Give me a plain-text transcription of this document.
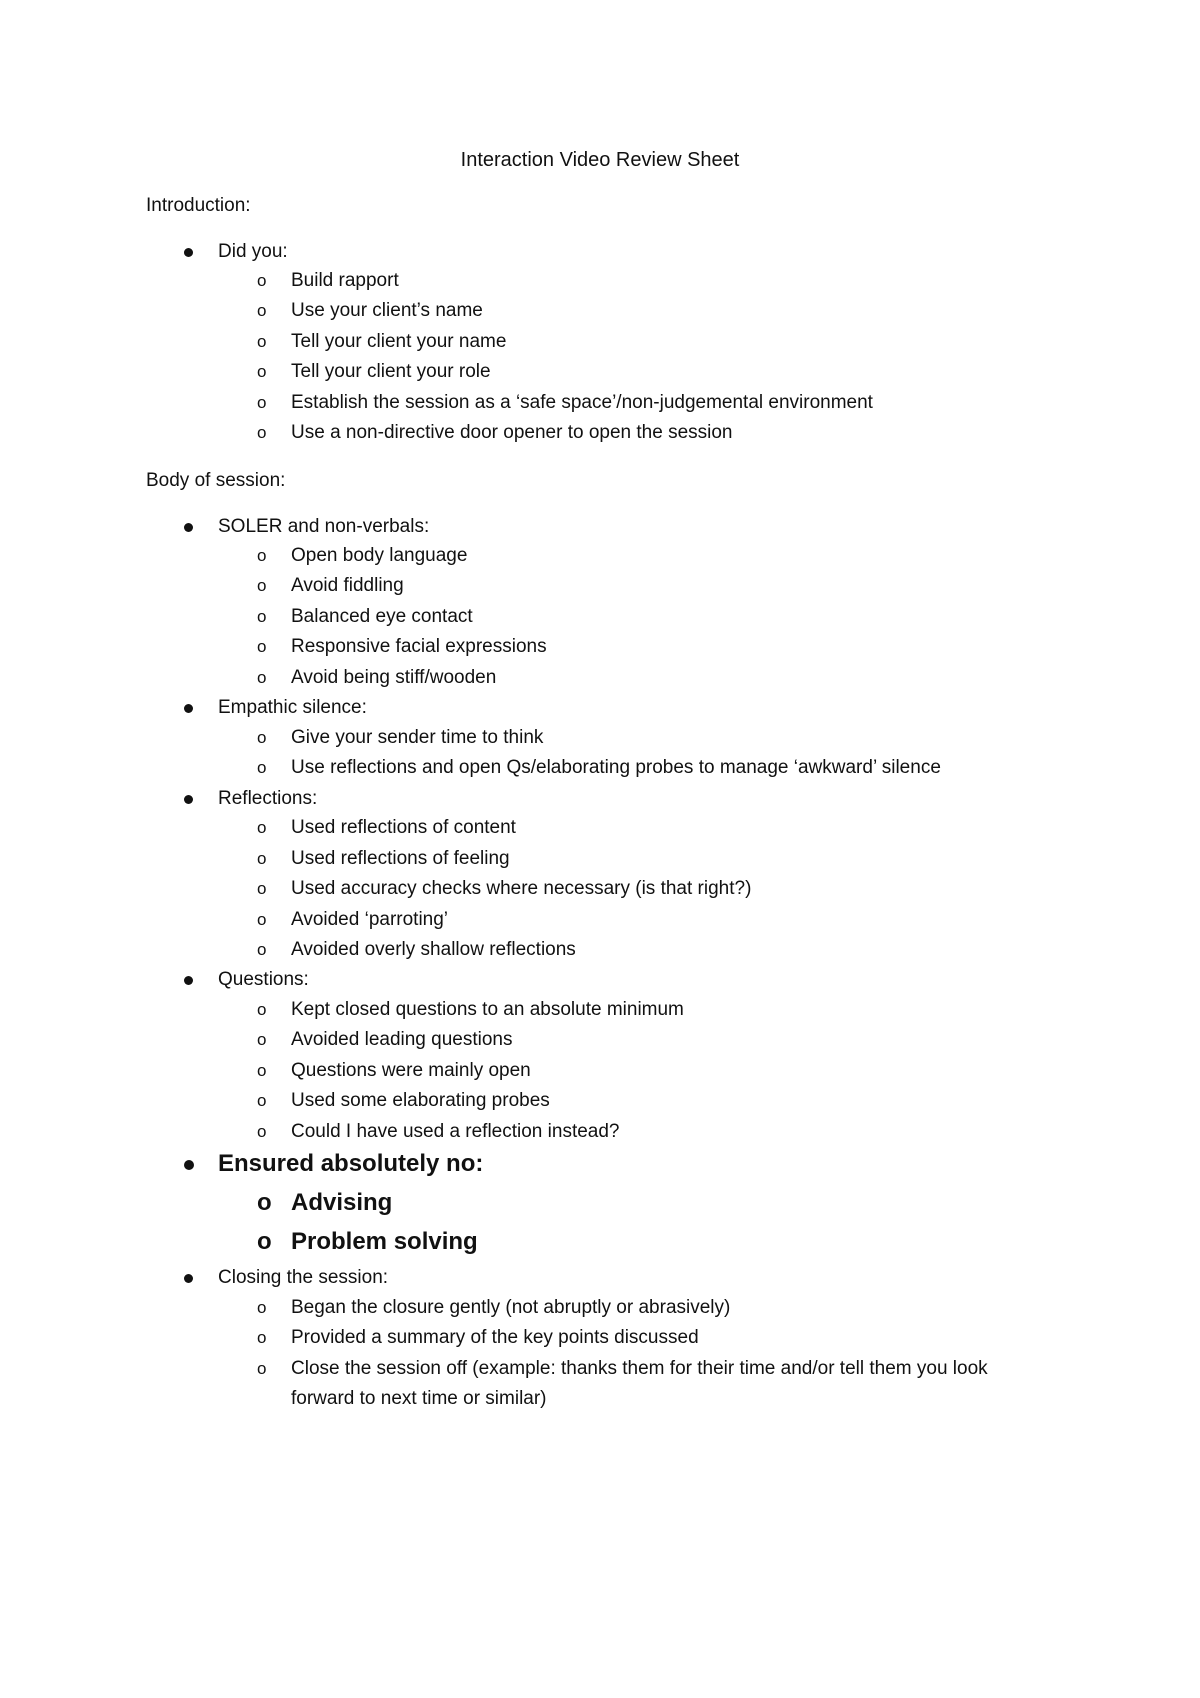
Interaction Video Review Sheet
Introduction:
Did you:
o Build rapport
o Use your client’s name
o Tell your client your name
o Tell your client your role
o Establish the session as a ‘safe space’/non-judgemental environment
o Use a non-directive door opener to open the session
Body of session:
SOLER and non-verbals:
o Open body language
o Avoid fiddling
o Balanced eye contact
o Responsive facial expressions
o Avoid being stiff/wooden
Empathic silence:
o Give your sender time to think
o Use reflections and open Qs/elaborating probes to manage ‘awkward’ silence
Reflections:
o Used reflections of content
o Used reflections of feeling
o Used accuracy checks where necessary (is that right?)
o Avoided ‘parroting’
o Avoided overly shallow reflections
Questions:
o Kept closed questions to an absolute minimum
o Avoided leading questions
o Questions were mainly open
o Used some elaborating probes
o Could I have used a reflection instead?
Ensured absolutely no:
o Advising
o Problem solving
Closing the session:
o Began the closure gently (not abruptly or abrasively)
o Provided a summary of the key points discussed
o Close the session off (example: thanks them for their time and/or tell them you look
forward to next time or similar)
